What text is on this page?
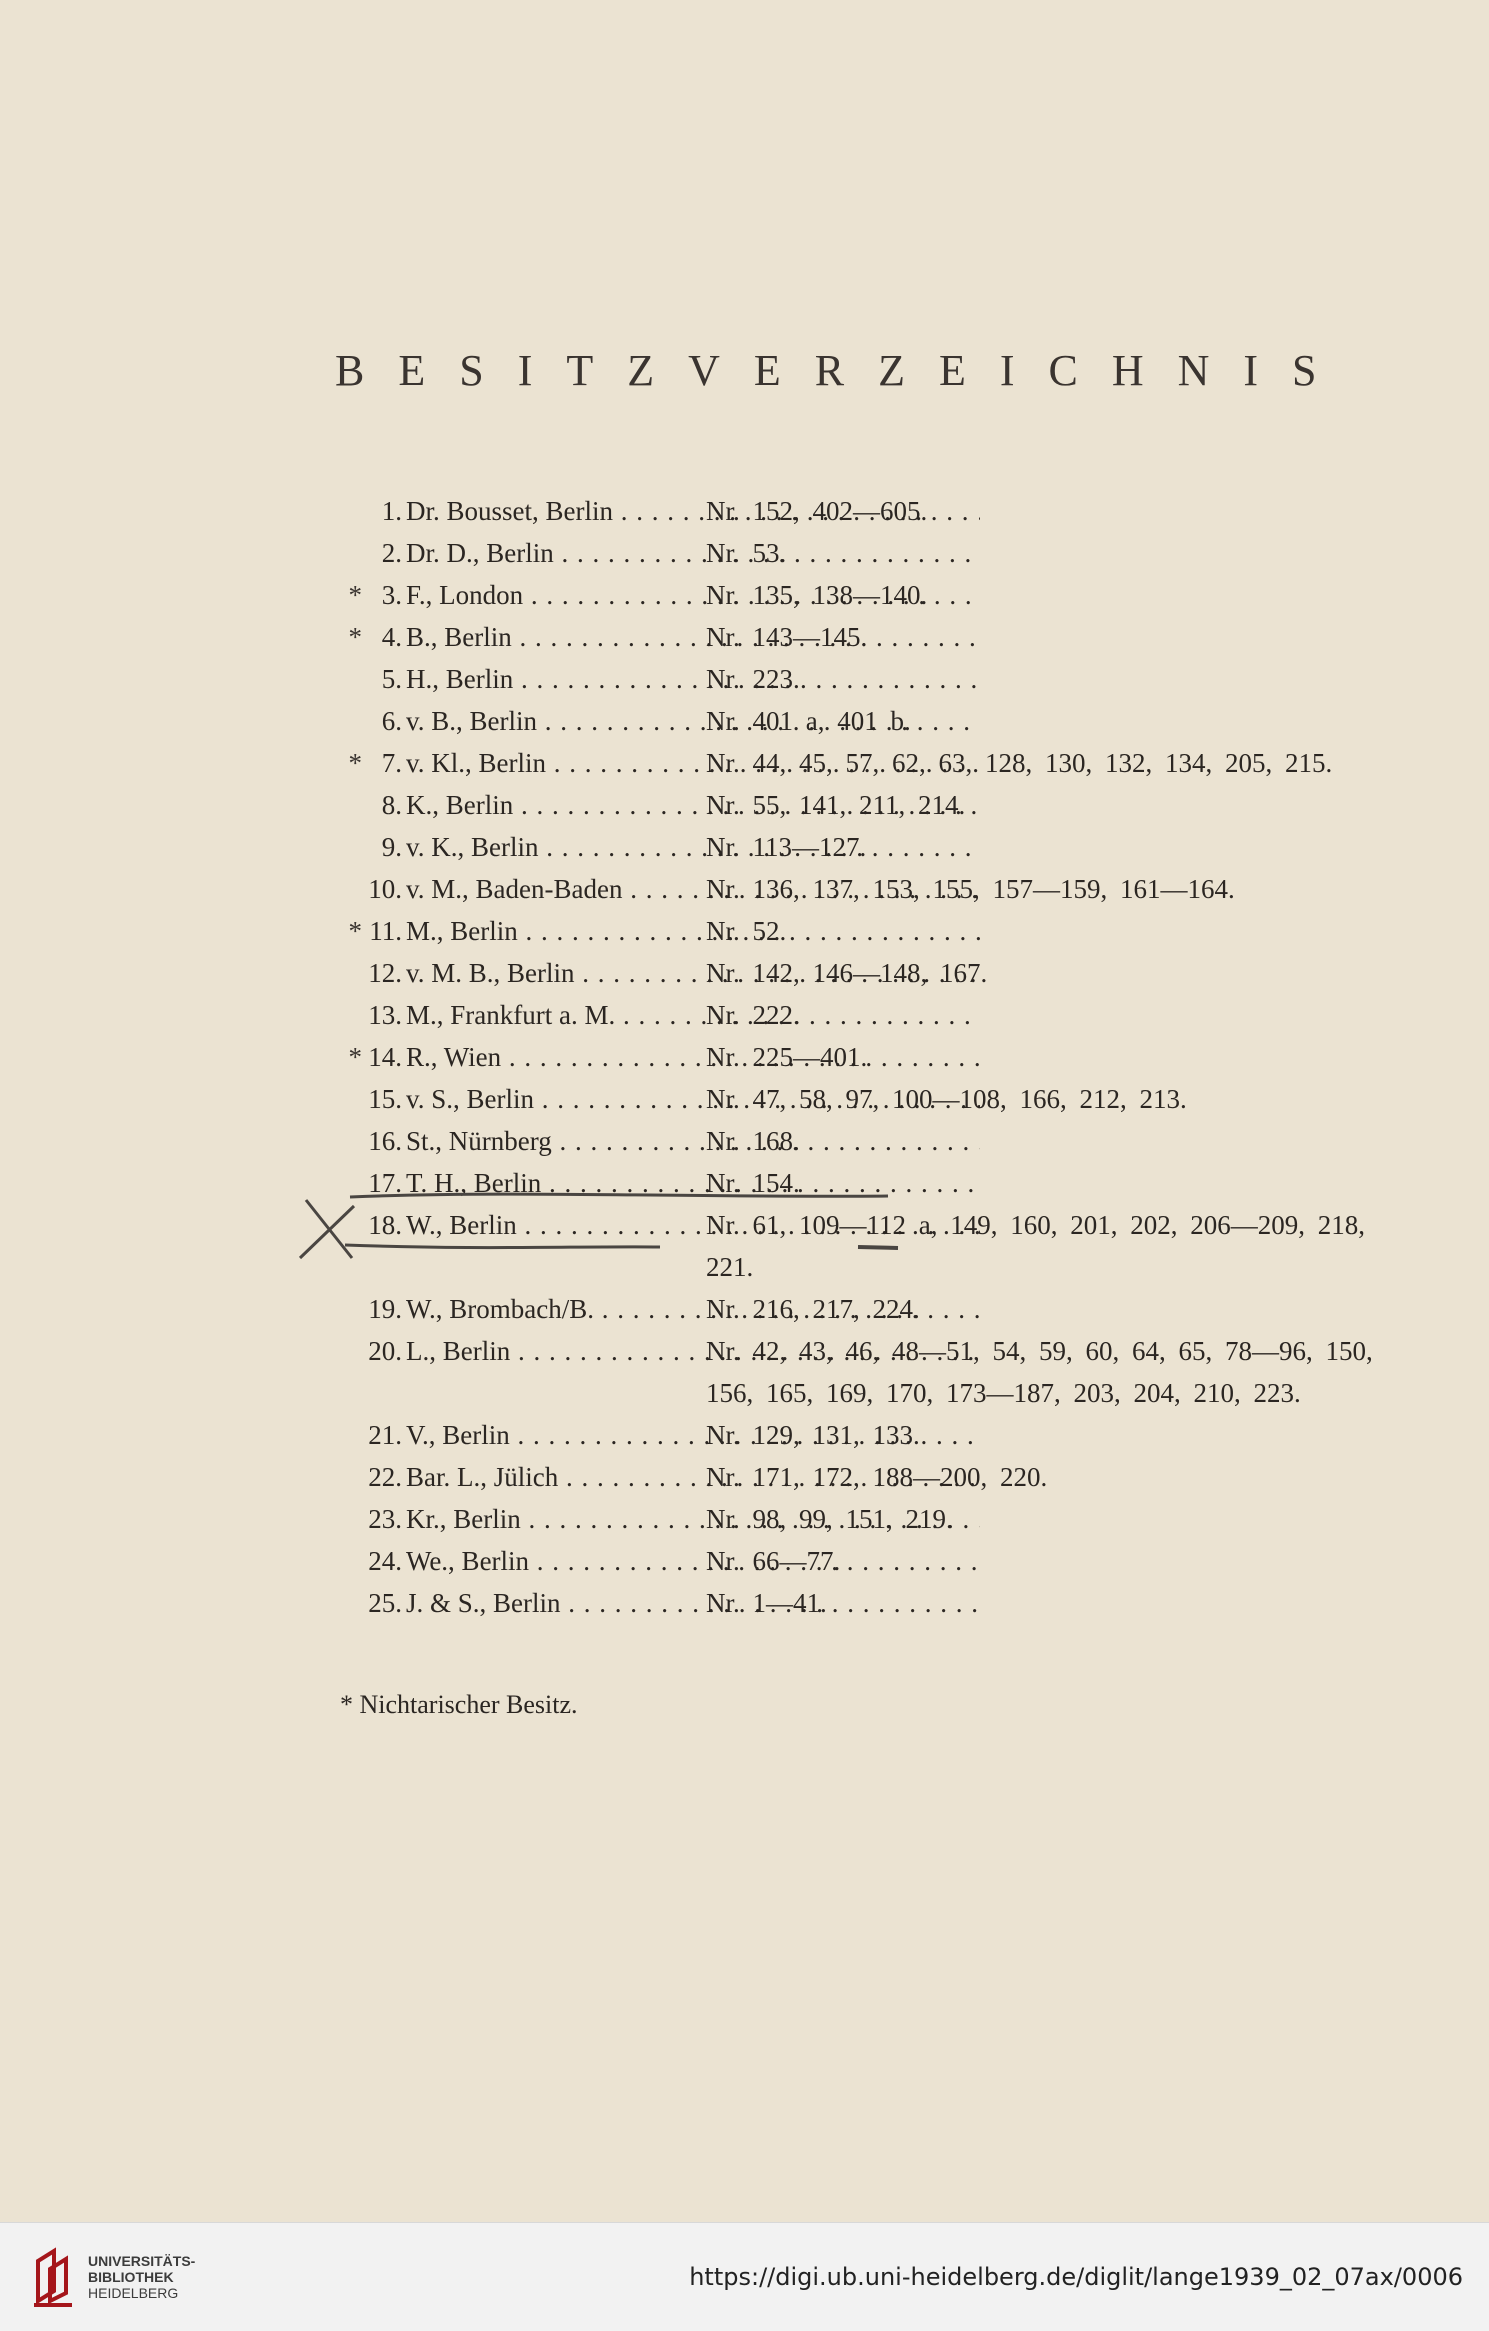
BESITZVERZEICHNIS
1. Dr. Bousset, Berlin . . .	Nr. 152, 402—605.
2. Dr. D., Berlin . . .	Nr. 53.
* 3. F., London . . .	Nr. 135, 138—140.
* 4. B., Berlin . . .	Nr. 143—145.
5. H., Berlin . . .	Nr. 223.
6. v. B., Berlin . . .	Nr. 401 a, 401 b.
* 7. v. Kl., Berlin . . .	Nr. 44, 45, 57, 62, 63, 128, 130, 132, 134, 205, 215.
8. K., Berlin . . .	Nr. 55, 141, 211, 214.
9. v. K., Berlin . . .	Nr. 113—127.
10. v. M., Baden-Baden . . .	Nr. 136, 137, 153, 155, 157—159, 161—164.
* 11. M., Berlin . . .	Nr. 52.
12. v. M. B., Berlin . . .	Nr. 142, 146—148, 167.
13. M., Frankfurt a. M. . . .	Nr. 222.
* 14. R., Wien . . .	Nr. 225—401.
15. v. S., Berlin . . .	Nr. 47, 58, 97, 100—108, 166, 212, 213.
16. St., Nürnberg . . .	Nr. 168.
17. T. H., Berlin . . .	Nr. 154.
18. W., Berlin . . .	Nr. 61, 109—112 a, 149, 160, 201, 202, 206—209, 218, 221.
19. W., Brombach/B. . . .	Nr. 216, 217, 224.
20. L., Berlin . . .	Nr. 42, 43, 46, 48—51, 54, 59, 60, 64, 65, 78—96, 150, 156, 165, 169, 170, 173—187, 203, 204, 210, 223.
21. V., Berlin . . .	Nr. 129, 131, 133.
22. Bar. L., Jülich . . .	Nr. 171, 172, 188—200, 220.
23. Kr., Berlin . . .	Nr. 98, 99, 151, 219.
24. We., Berlin . . .	Nr. 66—77.
25. J. & S., Berlin . . .	Nr. 1—41.
* Nichtarischer Besitz.
UNIVERSITÄTS-
BIBLIOTHEK
HEIDELBERG
https://digi.ub.uni-heidelberg.de/diglit/lange1939_02_07ax/0006
